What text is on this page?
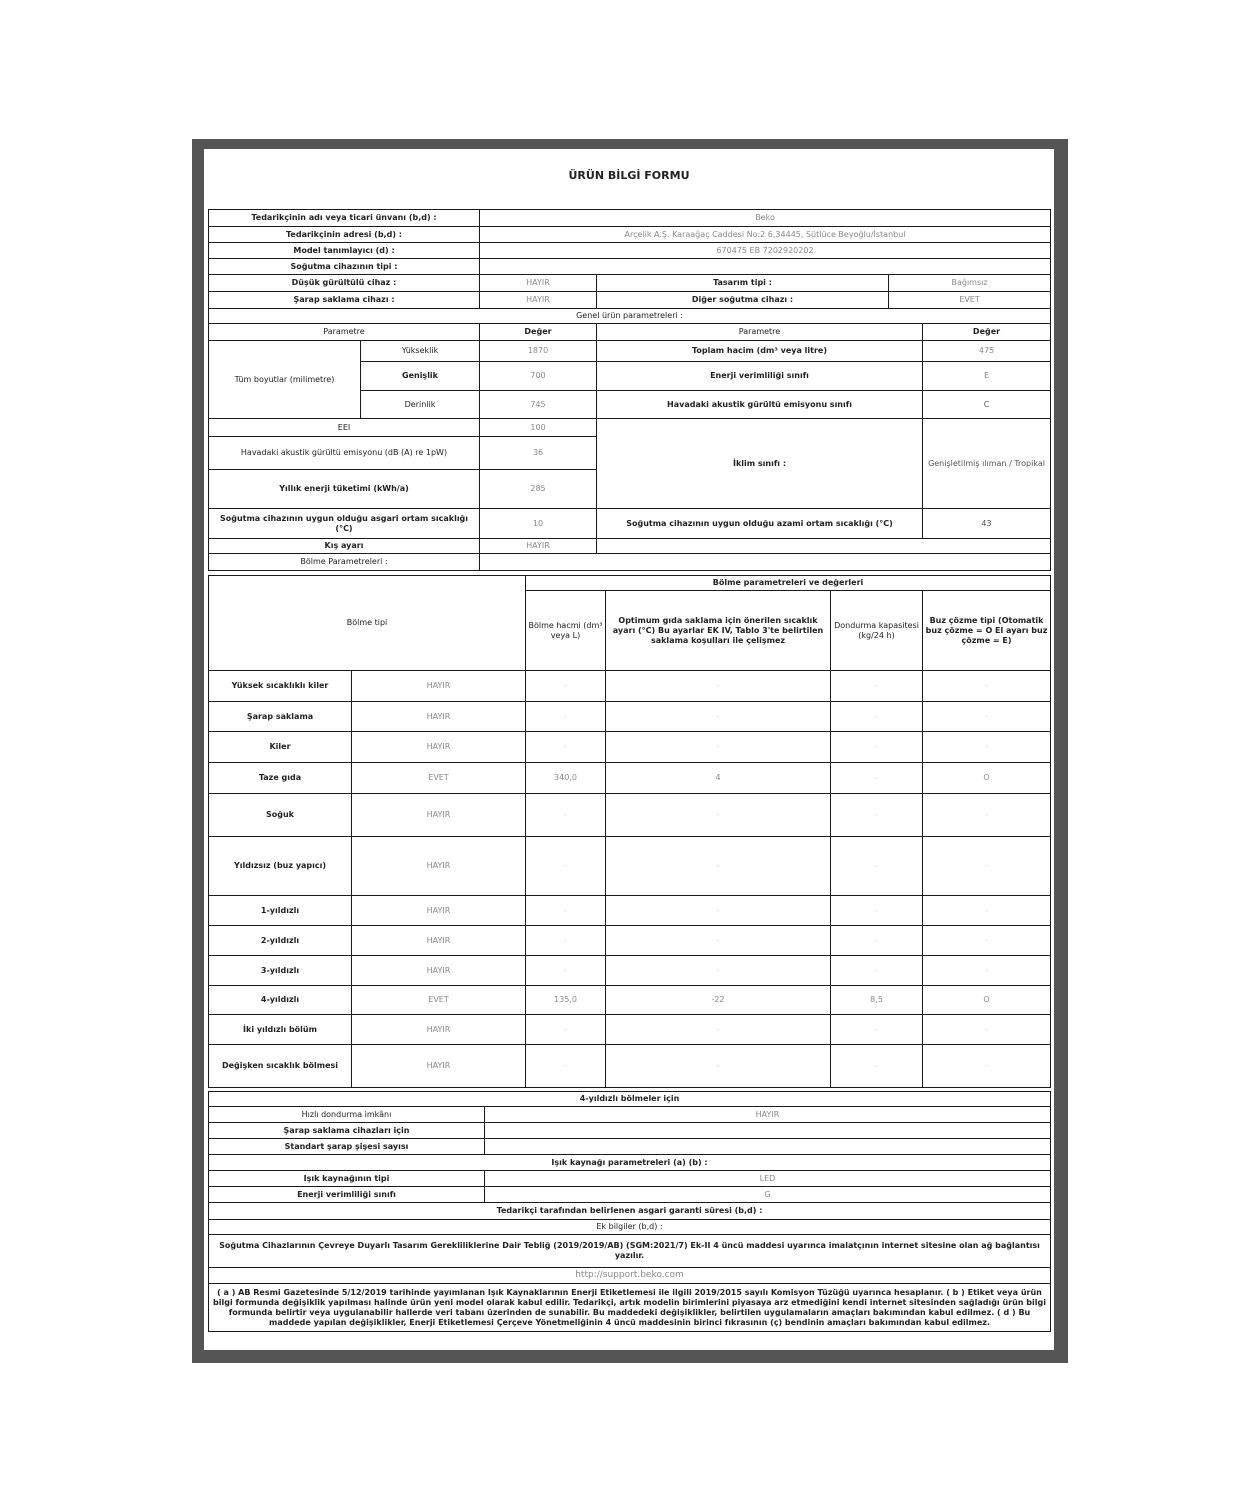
ÜRÜN BİLGİ FORMU
Tedarikçinin adı veya ticari ünvanı (b,d) :		Beko			
Tedarikçinin adresi (b,d) :		Arçelik A.Ş. Karaağaç Caddesi No:2 6,34445, Sütlüce Beyoğlu/İstanbul			
Model tanımlayıcı (d) :		670475 EB 7202920202			
Soğutma cihazının tipi :					
Düşük gürültülü cihaz :		HAYIR	Tasarım tipi :	Bağımsız	
Şarap saklama cihazı :		HAYIR	Diğer soğutma cihazı :	EVET	
Genel ürün parametreleri :					
Parametre		Değer	Parametre		Değer
Tüm boyutlar (milimetre)	Yükseklik	1870	Toplam hacim (dm³ veya litre)		475
	Genişlik	700	Enerji verimliliği sınıfı		E
	Derinlik	745	Havadaki akustik gürültü emisyonu sınıfı		C
EEI		100	İklim sınıfı :		Genişletilmiş ılıman / Tropikal
Havadaki akustik gürültü emisyonu (dB (A) re 1pW)		36			
Yıllık enerji tüketimi (kWh/a)		285			
Soğutma cihazının uygun olduğu asgari ortam sıcaklığı (°C)		10	Soğutma cihazının uygun olduğu azami ortam sıcaklığı (°C)		43
Kış ayarı		HAYIR			
Bölme Parametreleri :					
Bölme tipi		Bölme parametreleri ve değerleri			
		Bölme hacmi (dm³ veya L)	Optimum gıda saklama için önerilen sıcaklık ayarı (°C) Bu ayarlar EK IV, Tablo 3'te belirtilen saklama koşulları ile çelişmez	Dondurma kapasitesi (kg/24 h)	Buz çözme tipi (Otomatik buz çözme = O El ayarı buz çözme = E)
Yüksek sıcaklıklı kiler	HAYIR	-	-	-	-
Şarap saklama	HAYIR	-	-	-	-
Kiler	HAYIR	-	-	-	-
Taze gıda	EVET	340,0	4	-	O
Soğuk	HAYIR	-	-	-	-
Yıldızsız (buz yapıcı)	HAYIR	-	-	-	-
1-yıldızlı	HAYIR	-	-	-	-
2-yıldızlı	HAYIR	-	-	-	-
3-yıldızlı	HAYIR	-	-	-	-
4-yıldızlı	EVET	135,0	-22	8,5	O
İki yıldızlı bölüm	HAYIR	-	-	-	-
Değişken sıcaklık bölmesi	HAYIR	-	-	-	-
4-yıldızlı bölmeler için	
Hızlı dondurma imkânı	HAYIR
Şarap saklama cihazları için	
Standart şarap şişesi sayısı	
Işık kaynağı parametreleri (a) (b) :	
Işık kaynağının tipi	LED
Enerji verimliliği sınıfı	G
Tedarikçi tarafından belirlenen asgari garanti süresi (b,d) :	
Ek bilgiler (b,d) :	
Soğutma Cihazlarının Çevreye Duyarlı Tasarım Gerekliliklerine Dair Tebliğ (2019/2019/AB) (SGM:2021/7) Ek-II 4 üncü maddesi uyarınca imalatçının internet sitesine olan ağ bağlantısı yazılır.	
http://support.beko.com	
( a ) AB Resmi Gazetesinde 5/12/2019 tarihinde yayımlanan Işık Kaynaklarının Enerji Etiketlemesi ile ilgili 2019/2015 sayılı Komisyon Tüzüğü uyarınca hesaplanır. ( b ) Etiket veya ürün bilgi formunda değişiklik yapılması halinde ürün yeni model olarak kabul edilir. Tedarikçi, artık modelin birimlerini piyasaya arz etmediğini kendi internet sitesinden sağladığı ürün bilgi formunda belirtir veya uygulanabilir hallerde veri tabanı üzerinden de sunabilir. Bu maddedeki değişiklikler, belirtilen uygulamaların amaçları bakımından kabul edilmez. ( d ) Bu maddede yapılan değişiklikler, Enerji Etiketlemesi Çerçeve Yönetmeliğinin 4 üncü maddesinin birinci fıkrasının (ç) bendinin amaçları bakımından kabul edilmez.	
